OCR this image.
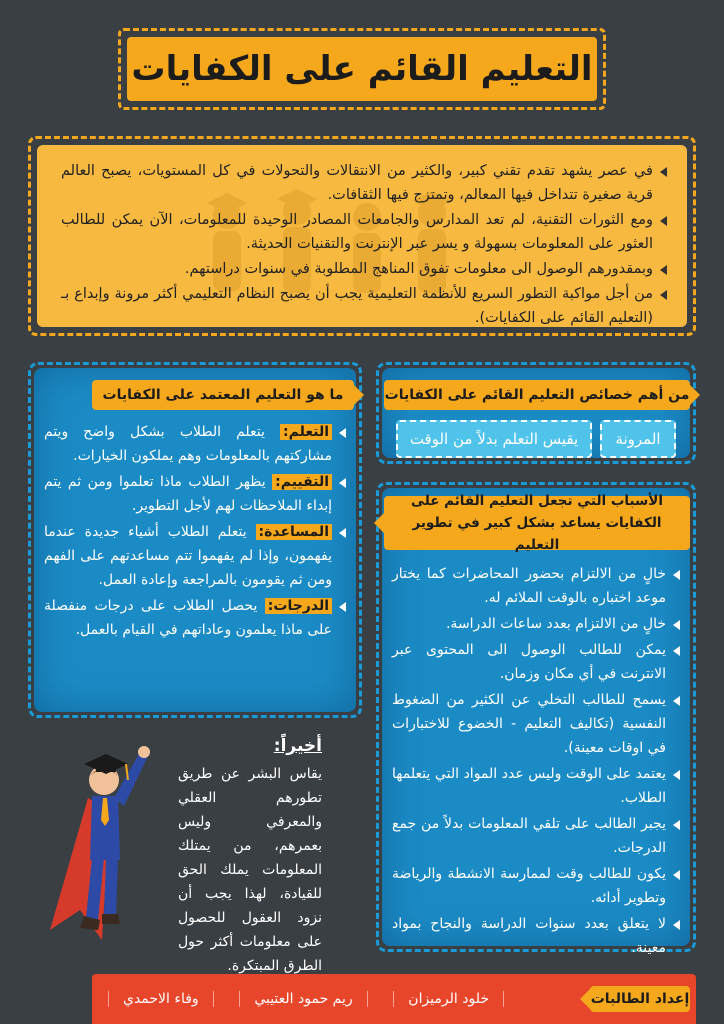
التعليم القائم على الكفايات

في عصر يشهد تقدم تقني كبير، والكثير من الانتقالات والتحولات في كل المستويات، يصبح العالم قرية صغيرة تتداخل فيها المعالم، وتمتزج فيها الثقافات.

ومع الثورات التقنية، لم تعد المدارس والجامعات المصادر الوحيدة للمعلومات، الآن يمكن للطالب العثور على المعلومات بسهولة و يسر عبر الإنترنت والتقنيات الحديثة.

وبمقدورهم الوصول الى معلومات تفوق المناهج المطلوبة في سنوات دراستهم.

من أجل مواكبة التطور السريع للأنظمة التعليمية يجب أن يصبح النظام التعليمي أكثر مرونة وإبداع بـ (التعليم القائم على الكفايات).

من أهم خصائص التعليم القائم على الكفايات
المرونة
يقيس التعلم بدلاً من الوقت
ما هو التعليم المعتمد على الكفايات

التعلم: يتعلم الطلاب بشكل واضح ويتم مشاركتهم بالمعلومات وهم يملكون الخيارات.

التقييم: يظهر الطلاب ماذا تعلموا ومن ثم يتم إبداء الملاحظات لهم لأجل التطوير.

المساعدة: يتعلم الطلاب أشياء جديدة عندما يفهمون، وإذا لم يفهموا تتم مساعدتهم على الفهم ومن ثم يقومون بالمراجعة وإعادة العمل.

الدرجات: يحصل الطلاب على درجات منفصلة على ماذا يعلمون وعاداتهم في القيام بالعمل.

الأسباب التي تجعل التعليم القائم على الكفايات يساعد بشكل كبير في تطوير التعليم

خالٍ من الالتزام بحضور المحاضرات كما يختار موعد اختباره بالوقت الملائم له.

خالٍ من الالتزام بعدد ساعات الدراسة.

يمكن للطالب الوصول الى المحتوى عبر الانترنت في أي مكان وزمان.

يسمح للطالب التخلي عن الكثير من الضغوط النفسية (تكاليف التعليم - الخضوع للاختبارات في اوقات معينة).

يعتمد على الوقت وليس عدد المواد التي يتعلمها الطلاب.

يجبر الطالب على تلقي المعلومات بدلاً من جمع الدرجات.

يكون للطالب وقت لممارسة الانشطة والرياضة وتطوير أدائه.

لا يتعلق بعدد سنوات الدراسة والنجاح بمواد معينة.

أخيراً:

يقاس البشر عن طريق تطورهم العقلي والمعرفي وليس بعمرهم، من يمتلك المعلومات يملك الحق للقيادة، لهذا يجب أن نزود العقول للحصول على معلومات أكثر حول الطرق المبتكرة.

إعداد الطالبات
خلود الرميزان
ريم حمود العتيبي
وفاء الاحمدي
